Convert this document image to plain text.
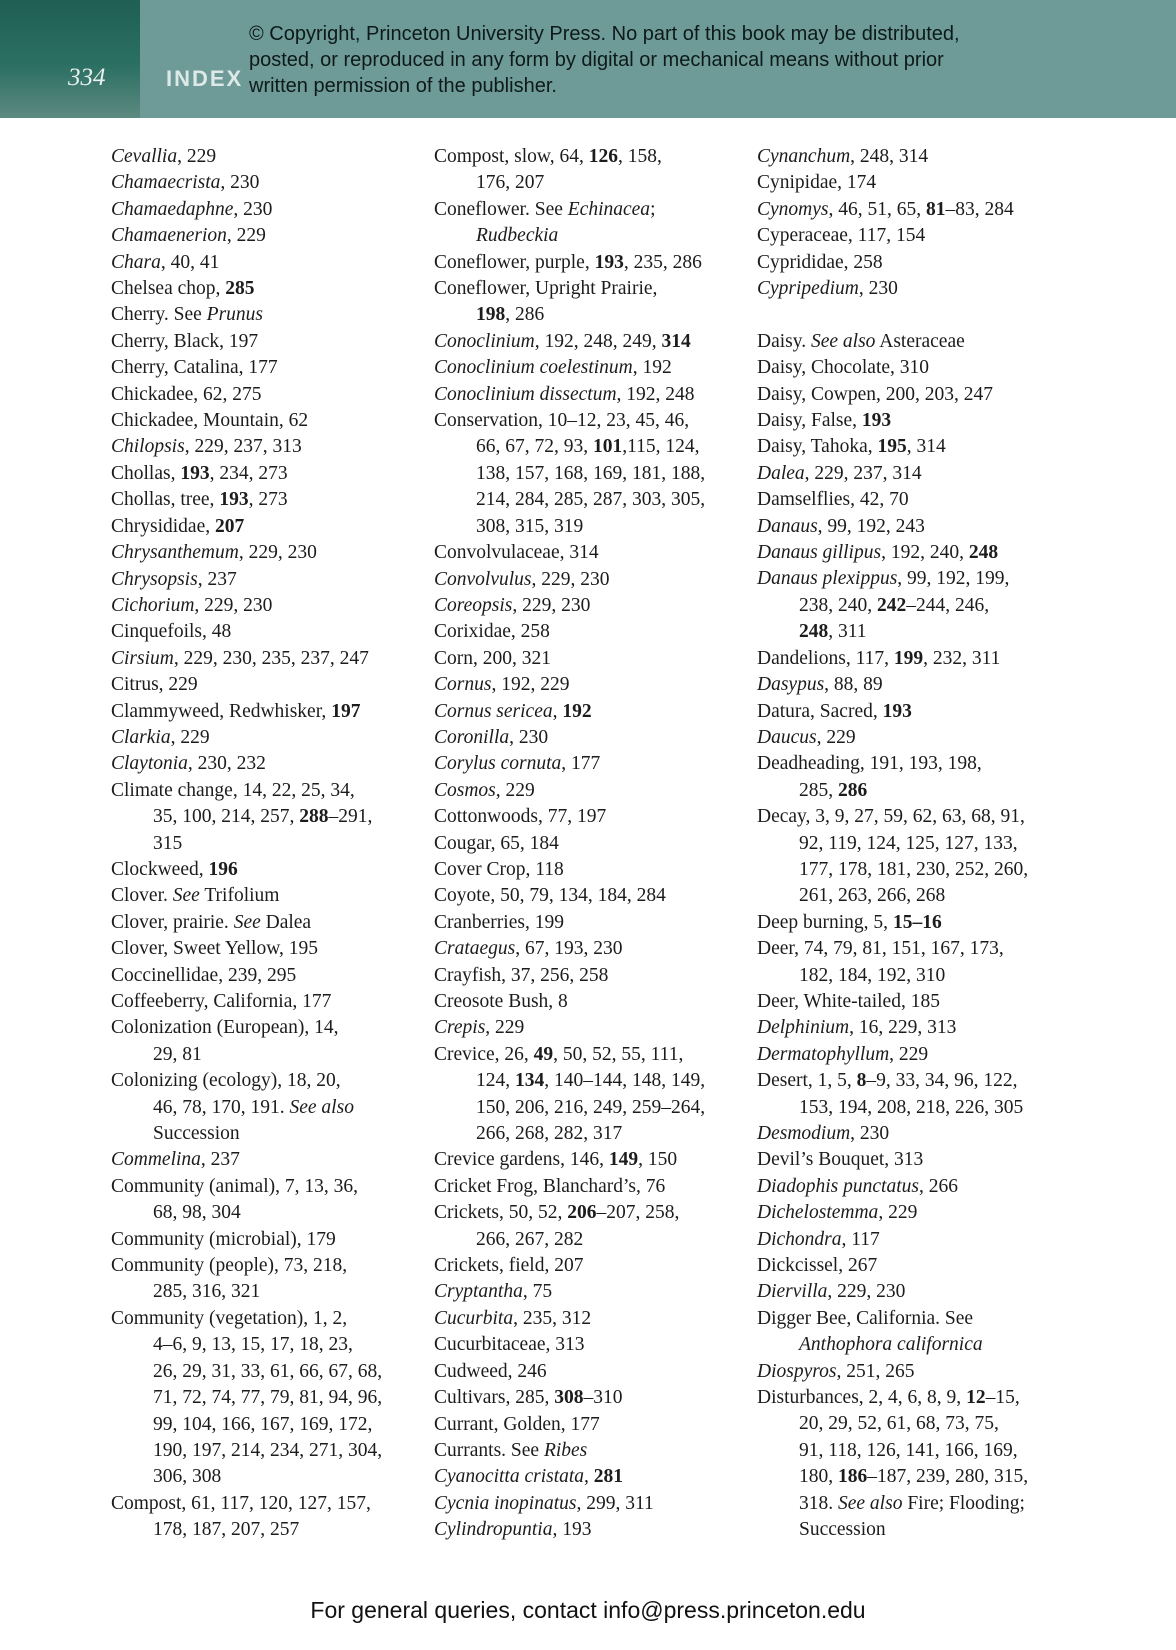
334	INDEX
© Copyright, Princeton University Press. No part of this book may be distributed, posted, or reproduced in any form by digital or mechanical means without prior written permission of the publisher.

Cevallia, 229

Chamaecrista, 230

Chamaedaphne, 230

Chamaenerion, 229

Chara, 40, 41

Chelsea chop, 285

Cherry. See Prunus

Cherry, Black, 197

Cherry, Catalina, 177

Chickadee, 62, 275

Chickadee, Mountain, 62

Chilopsis, 229, 237, 313

Chollas, 193, 234, 273

Chollas, tree, 193, 273

Chrysididae, 207

Chrysanthemum, 229, 230

Chrysopsis, 237

Cichorium, 229, 230

Cinquefoils, 48

Cirsium, 229, 230, 235, 237, 247

Citrus, 229

Clammyweed, Redwhisker, 197

Clarkia, 229

Claytonia, 230, 232

Climate change, 14, 22, 25, 34,
35, 100, 214, 257, 288–291,
315

Clockweed, 196

Clover. See Trifolium

Clover, prairie. See Dalea

Clover, Sweet Yellow, 195

Coccinellidae, 239, 295

Coffeeberry, California, 177

Colonization (European), 14,
29, 81

Colonizing (ecology), 18, 20,
46, 78, 170, 191. See also
Succession

Commelina, 237

Community (animal), 7, 13, 36,
68, 98, 304

Community (microbial), 179

Community (people), 73, 218,
285, 316, 321

Community (vegetation), 1, 2,
4–6, 9, 13, 15, 17, 18, 23,
26, 29, 31, 33, 61, 66, 67, 68,
71, 72, 74, 77, 79, 81, 94, 96,
99, 104, 166, 167, 169, 172,
190, 197, 214, 234, 271, 304,
306, 308

Compost, 61, 117, 120, 127, 157,
178, 187, 207, 257

Compost, slow, 64, 126, 158,
176, 207

Coneflower. See Echinacea;
Rudbeckia

Coneflower, purple, 193, 235, 286

Coneflower, Upright Prairie,
198, 286

Conoclinium, 192, 248, 249, 314

Conoclinium coelestinum, 192

Conoclinium dissectum, 192, 248

Conservation, 10–12, 23, 45, 46,
66, 67, 72, 93, 101,115, 124,
138, 157, 168, 169, 181, 188,
214, 284, 285, 287, 303, 305,
308, 315, 319

Convolvulaceae, 314

Convolvulus, 229, 230

Coreopsis, 229, 230

Corixidae, 258

Corn, 200, 321

Cornus, 192, 229

Cornus sericea, 192

Coronilla, 230

Corylus cornuta, 177

Cosmos, 229

Cottonwoods, 77, 197

Cougar, 65, 184

Cover Crop, 118

Coyote, 50, 79, 134, 184, 284

Cranberries, 199

Crataegus, 67, 193, 230

Crayfish, 37, 256, 258

Creosote Bush, 8

Crepis, 229

Crevice, 26, 49, 50, 52, 55, 111,
124, 134, 140–144, 148, 149,
150, 206, 216, 249, 259–264,
266, 268, 282, 317

Crevice gardens, 146, 149, 150

Cricket Frog, Blanchard’s, 76

Crickets, 50, 52, 206–207, 258,
266, 267, 282

Crickets, field, 207

Cryptantha, 75

Cucurbita, 235, 312

Cucurbitaceae, 313

Cudweed, 246

Cultivars, 285, 308–310

Currant, Golden, 177

Currants. See Ribes

Cyanocitta cristata, 281

Cycnia inopinatus, 299, 311

Cylindropuntia, 193

Cynanchum, 248, 314

Cynipidae, 174

Cynomys, 46, 51, 65, 81–83, 284

Cyperaceae, 117, 154

Cyprididae, 258

Cypripedium, 230

Daisy. See also Asteraceae

Daisy, Chocolate, 310

Daisy, Cowpen, 200, 203, 247

Daisy, False, 193

Daisy, Tahoka, 195, 314

Dalea, 229, 237, 314

Damselflies, 42, 70

Danaus, 99, 192, 243

Danaus gillipus, 192, 240, 248

Danaus plexippus, 99, 192, 199,
238, 240, 242–244, 246,
248, 311

Dandelions, 117, 199, 232, 311

Dasypus, 88, 89

Datura, Sacred, 193

Daucus, 229

Deadheading, 191, 193, 198,
285, 286

Decay, 3, 9, 27, 59, 62, 63, 68, 91,
92, 119, 124, 125, 127, 133,
177, 178, 181, 230, 252, 260,
261, 263, 266, 268

Deep burning, 5, 15–16

Deer, 74, 79, 81, 151, 167, 173,
182, 184, 192, 310

Deer, White-tailed, 185

Delphinium, 16, 229, 313

Dermatophyllum, 229

Desert, 1, 5, 8–9, 33, 34, 96, 122,
153, 194, 208, 218, 226, 305

Desmodium, 230

Devil’s Bouquet, 313

Diadophis punctatus, 266

Dichelostemma, 229

Dichondra, 117

Dickcissel, 267

Diervilla, 229, 230

Digger Bee, California. See
Anthophora californica

Diospyros, 251, 265

Disturbances, 2, 4, 6, 8, 9, 12–15,
20, 29, 52, 61, 68, 73, 75,
91, 118, 126, 141, 166, 169,
180, 186–187, 239, 280, 315,
318. See also Fire; Flooding;
Succession

For general queries, contact info@press.princeton.edu
